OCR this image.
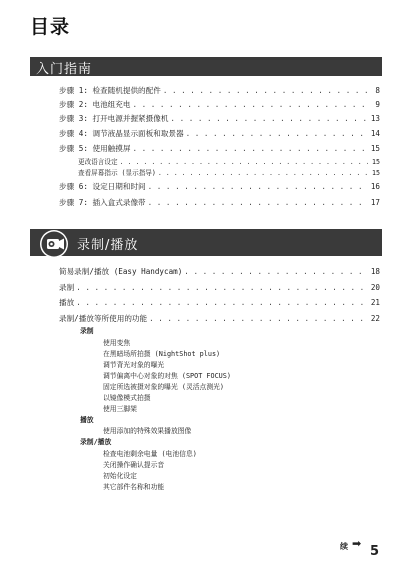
目录
入门指南
步骤 1: 检查随机提供的配件 . . .	8
步骤 2: 电池组充电 . . .	9
步骤 3: 打开电源并握紧摄像机 . . .	13
步骤 4: 调节液晶显示面板和取景器 . . .	14
步骤 5: 使用触摸屏 . . .	15
更改语言设定 . . .	15
查看屏幕指示 (显示指导) . . .	15
步骤 6: 设定日期和时间 . . .	16
步骤 7: 插入盒式录像带 . . .	17
录制/播放
简易录制/播放 (Easy Handycam) . . .	18
录制 . . .	20
播放 . . .	21
录制/播放等所使用的功能 . . .	22
录制
使用变焦
在黑暗场所拍摄 (NightShot plus)
调节背光对象的曝光
调节偏离中心对象的对焦 (SPOT FOCUS)
固定所选被摄对象的曝光 (灵活点测光)
以镜像模式拍摄
使用三脚架
播放
使用添加的特殊效果播放图像
录制/播放
检查电池剩余电量 (电池信息)
关闭操作确认提示音
初始化设定
其它部件名称和功能
续 ➡
5
